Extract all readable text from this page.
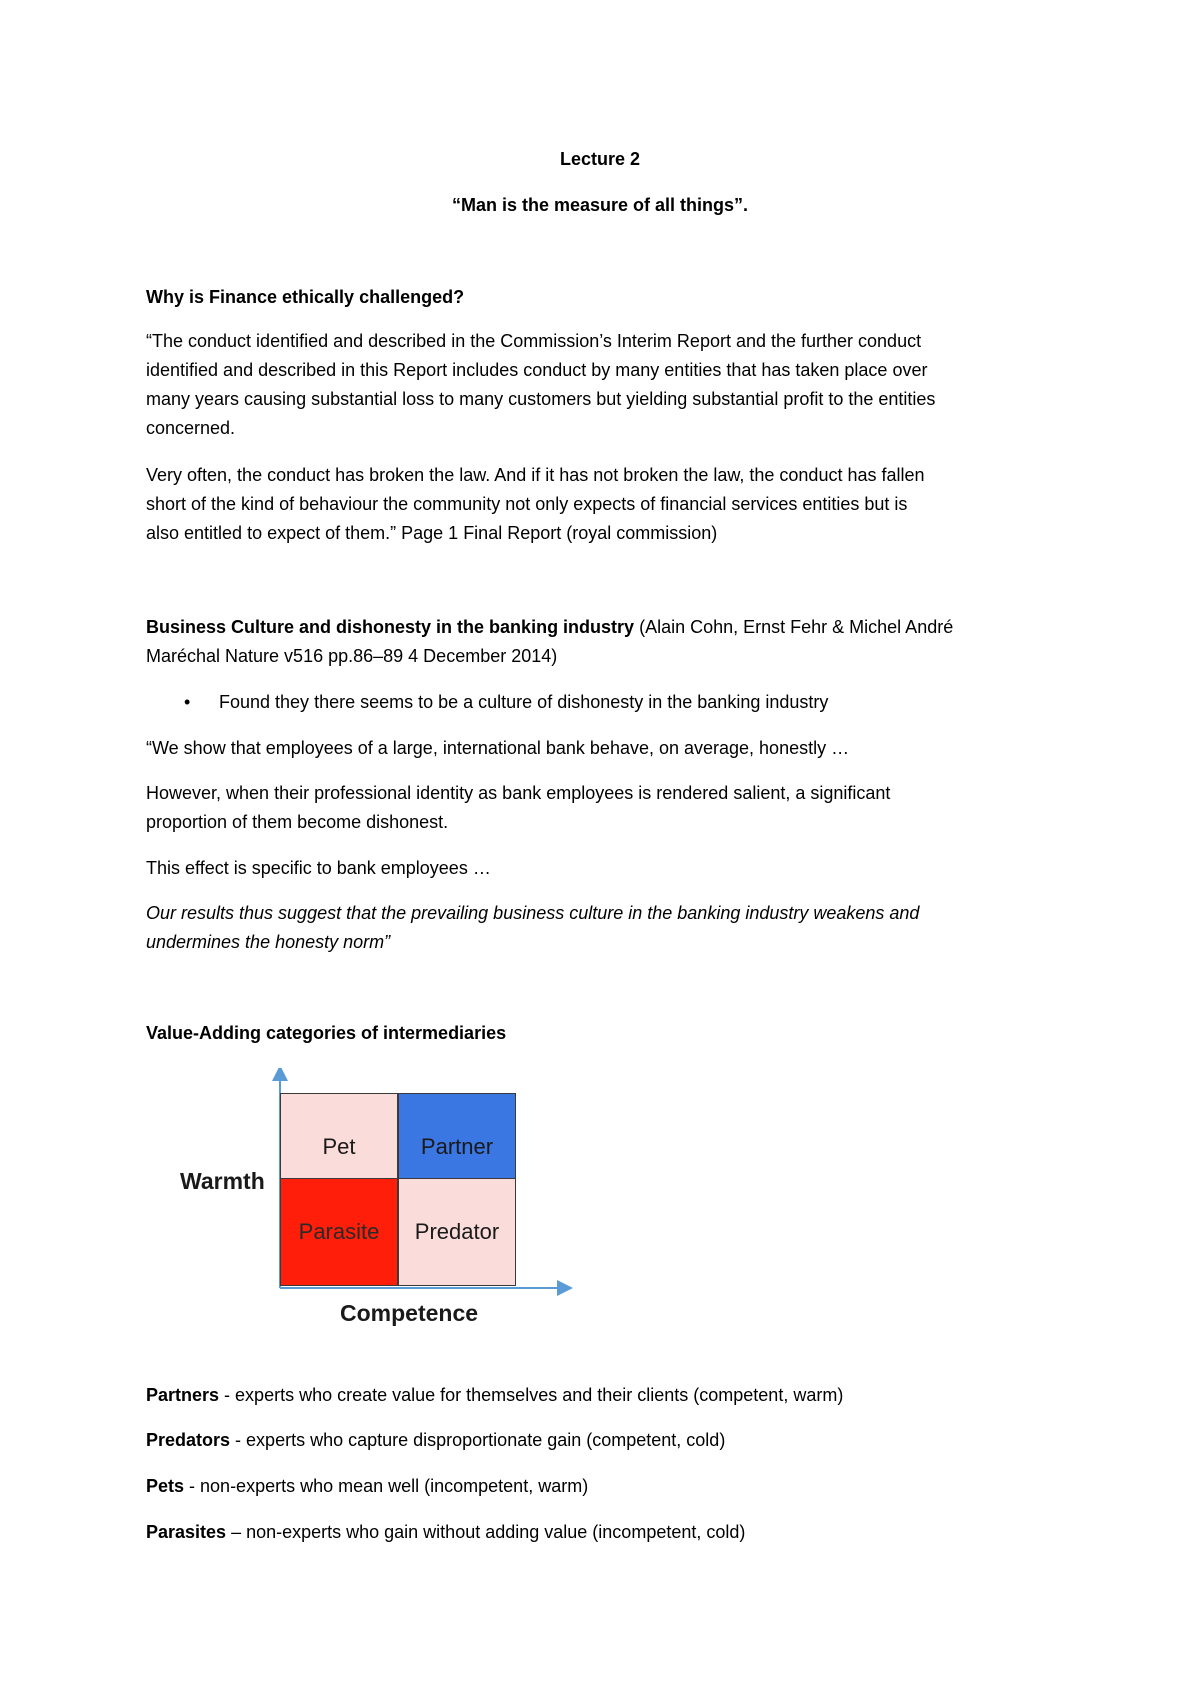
Lecture 2
“Man is the measure of all things”.
Why is Finance ethically challenged?
“The conduct identified and described in the Commission’s Interim Report and the further conduct
identified and described in this Report includes conduct by many entities that has taken place over
many years causing substantial loss to many customers but yielding substantial profit to the entities
concerned.
Very often, the conduct has broken the law. And if it has not broken the law, the conduct has fallen
short of the kind of behaviour the community not only expects of financial services entities but is
also entitled to expect of them.” Page 1 Final Report (royal commission)
Business Culture and dishonesty in the banking industry (Alain Cohn, Ernst Fehr & Michel André
Maréchal Nature v516 pp.86–89 4 December 2014)
• Found they there seems to be a culture of dishonesty in the banking industry
“We show that employees of a large, international bank behave, on average, honestly …
However, when their professional identity as bank employees is rendered salient, a significant
proportion of them become dishonest.
This effect is specific to bank employees …
Our results thus suggest that the prevailing business culture in the banking industry weakens and
undermines the honesty norm”
Value-Adding categories of intermediaries
Pet	Partner
Parasite	Predator
Warmth
Competence
Partners - experts who create value for themselves and their clients (competent, warm)
Predators - experts who capture disproportionate gain (competent, cold)
Pets - non-experts who mean well (incompetent, warm)
Parasites – non-experts who gain without adding value (incompetent, cold)
